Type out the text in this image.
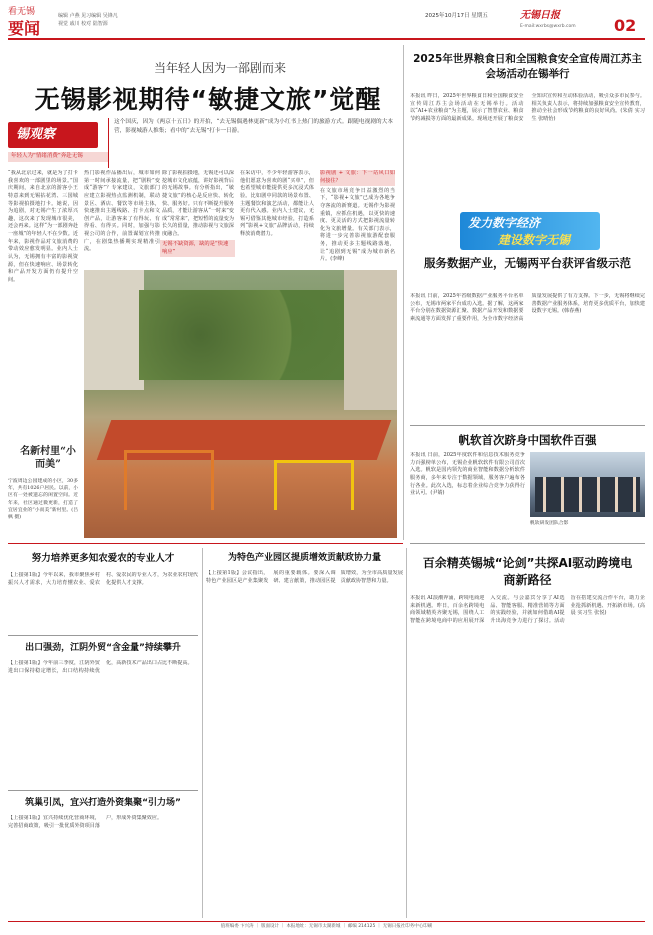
看无锡
要闻
编辑 卢燕 见习编辑 吴锋凡
视觉 戚川 校对 陆智源
2025年10月17日 星期五	无锡日报
E-mail:wxrbs@wxrb.com 02
当年轻人因为一部剧而来
无锡影视期待“敏捷文旅”觉醒
锡观察
年轻人为“情绪消费”奔赴无锡
这个国庆，因为《两京十五日》的开拍，“去无锡偶遇林更新”成为小红书上热门的旅游方式。跟随电视剧的大本营，影视城游人推集；看中的“去无锡”打卡一日游。
“我从北京过来，就是为了打卡我喜欢的一部剧里的场景。”国庆期间，来自北京的游客小王特意来到无锡拈花湾、三国城等影视拍摄地打卡。她说，因为追剧，对无锡产生了浓厚兴趣，这次来了发现城市很美，还会再来。这样“为一部剧奔赴一座城”的年轻人不在少数。近年来，影视作品对文旅消费的带动效应愈发明显。业内人士认为，无锡拥有丰富的影视资源，但在快速响应、场景转化和产品开发方面仍有提升空间。
热门影视作品播出后，城市如何第一时间承接流量，把“剧粉”变成“游客”？专家建议，文旅部门应建立影视热点监测机制，联动景区、酒店、餐饮等市场主体，快速推出主题线路、打卡点和文创产品，让游客来了有得玩、有得看、有得买。同时，加强与影视公司的合作，前置谋划宣传推广，在剧集热播期实现精准引流。
无锡不缺资源，缺的是“快速响应”
除了影视拍摄地，无锡还可以深挖城市文化底蕴，讲好影视背后的无锡故事。有分析指出，“敏捷文旅”的核心是反应快、转化快、服务好。只有不断提升服务品质，才能让游客从“一时来”变成“常常来”，把短暂的流量变为长久的留量，推动影视与文旅深度融合。
在采访中，不少年轻游客表示，他们愿意为喜欢的剧“买单”，但也希望城市能提供更多沉浸式体验。比如剧中同款的场景布置、主题餐饮和演艺活动，都能让人更有代入感。业内人士建议，无锡可借鉴其他城市经验，打造系列“影视+文旅”品牌活动，持续释放消费潜力。
影视剧 + 文旅：下一站风口如何接住？
在文旅市场竞争日益激烈的当下，“影视+文旅”已成为各地争夺客流的新赛道。无锡作为影视重镇，应抓住机遇，以更快的速度、更灵活的方式把影视流量转化为文旅增量。有关部门表示，将进一步完善影视旅游配套服务，推动更多主题线路落地，让“追剧到无锡”成为城市新名片。(李峰)
名新村里“小而美”
宁波周边公园建成的小区，30多年，共有1026户居民。以前，小区有一处被遗忘的闲置空间。近年来，社区通过微更新，打造了宜居宜业的“小而美”新村里。(吕枫 摄)
2025年世界粮食日和全国粮食安全宣传周江苏主会场活动在锡举行
本报讯 昨日，2025年世界粮食日和全国粮食安全宣传周江苏主会场活动在无锡举行。活动以“AI+农业粮食”为主题，展示了智慧农业、粮食节约减损等方面的最新成果。现场还开展了粮食安全知识宣传和互动体验活动，吸引众多市民参与。相关负责人表示，将持续加强粮食安全宣传教育，推动全社会形成节约粮食的良好风尚。(朱倩 实习生 张晴怡)
发力数字经济
建设数字无锡
服务数据产业，无锡两平台获评省级示范
本报讯 日前，2025年省级数据产业服务平台名单公布，无锡市两家平台成功入选。据了解，这两家平台分别在数据资源汇聚、数据产品开发和数据要素流通等方面发挥了重要作用，为全市数字经济高质量发展提供了有力支撑。下一步，无锡将继续完善数据产业服务体系，培育更多优质平台，加快建设数字无锡。(韩春燕)
帆软首次跻身中国软件百强
本报讯 日前，2025年度软件和信息技术服务竞争力百强榜单公布，无锡企业帆软软件有限公司首次入选。帆软是国内领先的商业智能和数据分析软件服务商，多年来专注于数据领域，服务客户遍布各行各业。此次入选，标志着企业综合竞争力获得行业认可。(尹婧)
帆软研发团队合影
百余精英锡城“论剑”共探AI驱动跨境电商新路径
本报讯 AI浪潮奔涌，跨境电商迎来新机遇。昨日，百余名跨境电商领域精英齐聚无锡，围绕人工智能在跨境电商中的应用展开深入交流。与会嘉宾分享了AI选品、智能客服、精准营销等方面的实践经验，并就如何借助AI提升出海竞争力进行了探讨。活动旨在搭建交流合作平台，助力企业抢抓新机遇、开拓新市场。(高晨 实习生 张悦)
努力培养更多知农爱农的专业人才
【上接第1版】今年以来，我市聚焦乡村振兴人才需求，大力培育懂农业、爱农村、爱农民的专业人才，为农业农村现代化提供人才支撑。
出口强劲，江阴外贸“含金量”持续攀升
【上接第1版】今年前三季度，江阴外贸进出口保持稳定增长，出口结构持续优化，高新技术产品出口占比不断提高。
筑巢引凤，宜兴打造外资集聚“引力场”
【上接第1版】宜兴持续优化营商环境，完善招商政策，吸引一批优质外资项目落户，形成外资集聚效应。
为特色产业园区提质增效贡献政协力量
【上接第1版】会议指出，特色产业园区是产业集聚发展的重要载体。要深入调研、建言献策，推动园区提质增效，为全市高质量发展贡献政协智慧和力量。
值班编委 卞兴涛 ｜ 版面设计 ｜ 本报地址：无锡市太湖新城 ｜ 邮编 214125 ｜ 无锡日报社印务中心印刷
